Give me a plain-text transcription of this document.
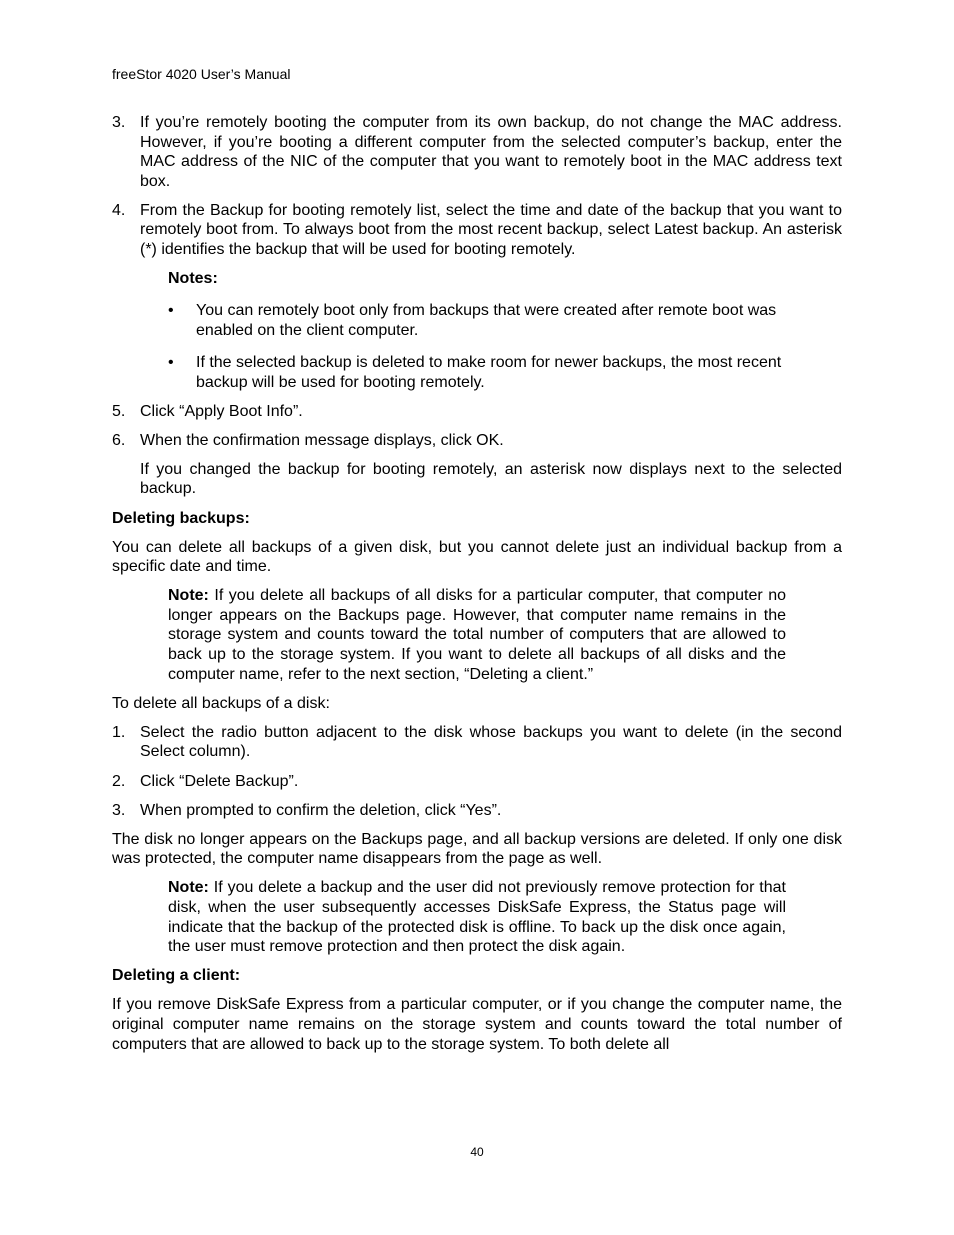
freeStor 4020 User’s Manual
3. If you’re remotely booting the computer from its own backup, do not change the MAC address. However, if you’re booting a different computer from the selected computer’s backup, enter the MAC address of the NIC of the computer that you want to remotely boot in the MAC address text box.
4. From the Backup for booting remotely list, select the time and date of the backup that you want to remotely boot from. To always boot from the most recent backup, select Latest backup. An asterisk (*) identifies the backup that will be used for booting remotely.
Notes:
•	You can remotely boot only from backups that were created after remote boot was enabled on the client computer.
•	If the selected backup is deleted to make room for newer backups, the most recent backup will be used for booting remotely.
5. Click “Apply Boot Info”.
6. When the confirmation message displays, click OK.
If you changed the backup for booting remotely, an asterisk now displays next to the selected backup.
Deleting backups:
You can delete all backups of a given disk, but you cannot delete just an individual backup from a specific date and time.
Note: If you delete all backups of all disks for a particular computer, that computer no longer appears on the Backups page. However, that computer name remains in the storage system and counts toward the total number of computers that are allowed to back up to the storage system. If you want to delete all backups of all disks and the computer name, refer to the next section, “Deleting a client.”
To delete all backups of a disk:
1. Select the radio button adjacent to the disk whose backups you want to delete (in the second Select column).
2. Click “Delete Backup”.
3. When prompted to confirm the deletion, click “Yes”.
The disk no longer appears on the Backups page, and all backup versions are deleted. If only one disk was protected, the computer name disappears from the page as well.
Note: If you delete a backup and the user did not previously remove protection for that disk, when the user subsequently accesses DiskSafe Express, the Status page will indicate that the backup of the protected disk is offline. To back up the disk once again, the user must remove protection and then protect the disk again.
Deleting a client:
If you remove DiskSafe Express from a particular computer, or if you change the computer name, the original computer name remains on the storage system and counts toward the total number of computers that are allowed to back up to the storage system. To both delete all
40
